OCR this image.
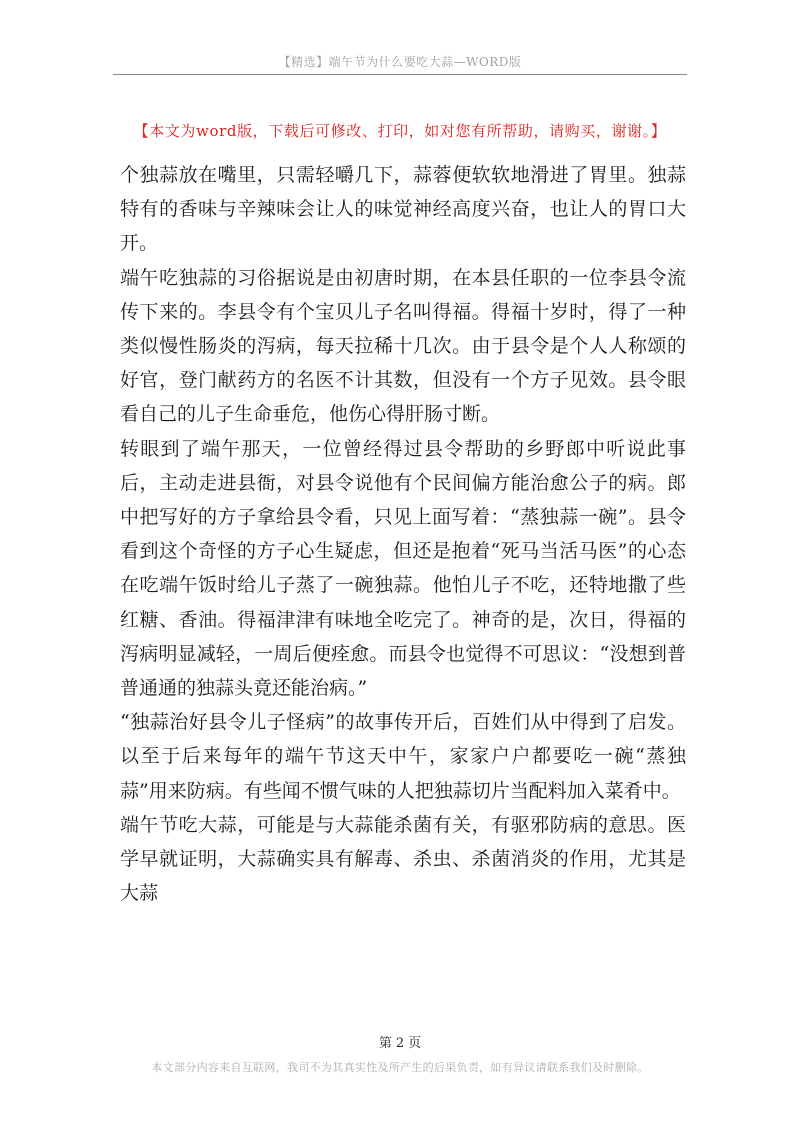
【精选】端午节为什么要吃大蒜—WORD版
【本文为word版，下载后可修改、打印，如对您有所帮助，请购买，谢谢。】

个独蒜放在嘴里，只需轻嚼几下，蒜蓉便软软地滑进了胃里。独蒜特有的香味与辛辣味会让人的味觉神经高度兴奋，也让人的胃口大开。

端午吃独蒜的习俗据说是由初唐时期，在本县任职的一位李县令流传下来的。李县令有个宝贝儿子名叫得福。得福十岁时，得了一种类似慢性肠炎的泻病，每天拉稀十几次。由于县令是个人人称颂的好官，登门献药方的名医不计其数，但没有一个方子见效。县令眼看自己的儿子生命垂危，他伤心得肝肠寸断。

转眼到了端午那天，一位曾经得过县令帮助的乡野郎中听说此事后，主动走进县衙，对县令说他有个民间偏方能治愈公子的病。郎中把写好的方子拿给县令看，只见上面写着：“蒸独蒜一碗”。县令看到这个奇怪的方子心生疑虑，但还是抱着“死马当活马医”的心态在吃端午饭时给儿子蒸了一碗独蒜。他怕儿子不吃，还特地撒了些红糖、香油。得福津津有味地全吃完了。神奇的是，次日，得福的泻病明显减轻，一周后便痊愈。而县令也觉得不可思议：“没想到普普通通的独蒜头竟还能治病。”

“独蒜治好县令儿子怪病”的故事传开后，百姓们从中得到了启发。以至于后来每年的端午节这天中午，家家户户都要吃一碗“蒸独蒜”用来防病。有些闻不惯气味的人把独蒜切片当配料加入菜肴中。

端午节吃大蒜，可能是与大蒜能杀菌有关，有驱邪防病的意思。医学早就证明，大蒜确实具有解毒、杀虫、杀菌消炎的作用，尤其是大蒜

第 2 页
本文部分内容来自互联网，我司不为其真实性及所产生的后果负责，如有异议请联系我们及时删除。
